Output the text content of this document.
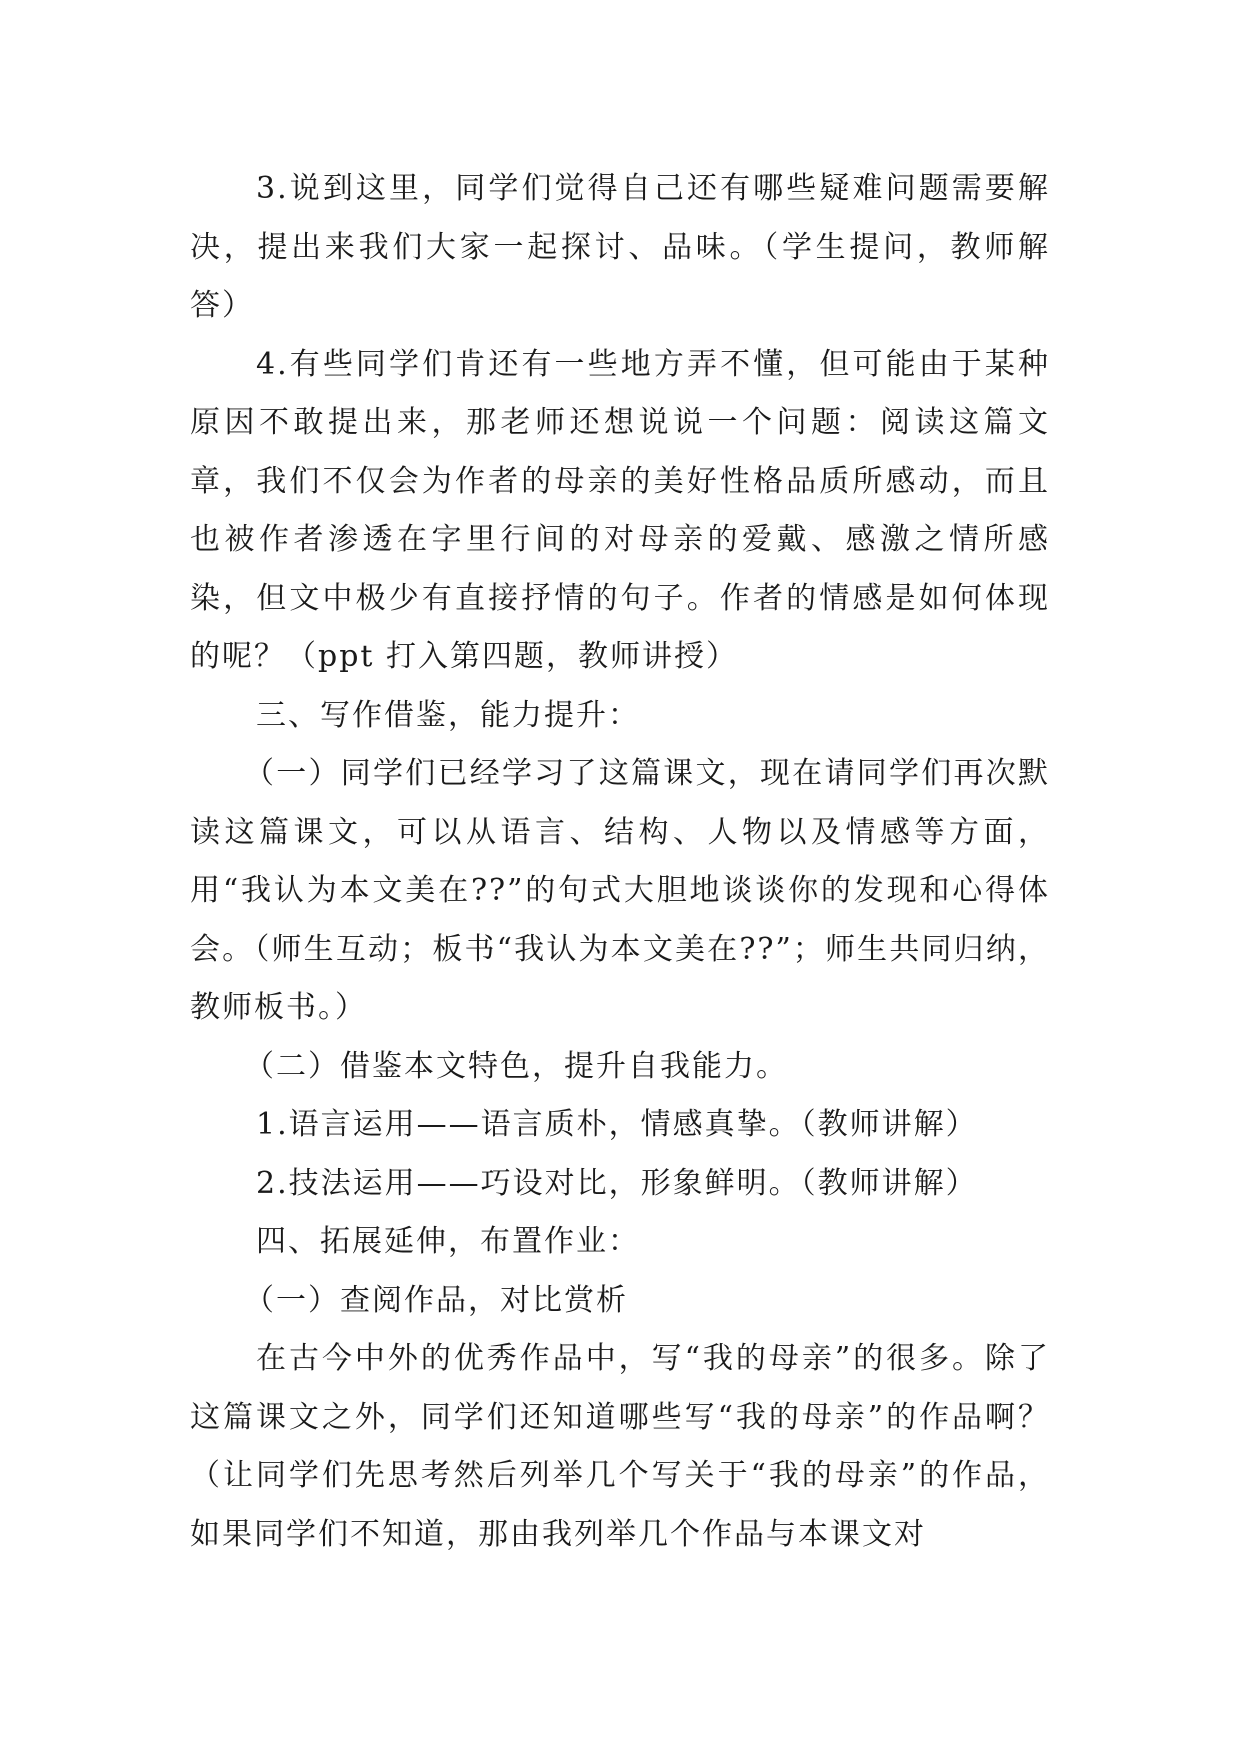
3.说到这里，同学们觉得自己还有哪些疑难问题需要解决，提出来我们大家一起探讨、品味。（学生提问，教师解答）

4.有些同学们肯还有一些地方弄不懂，但可能由于某种原因不敢提出来，那老师还想说说一个问题：阅读这篇文章，我们不仅会为作者的母亲的美好性格品质所感动，而且也被作者渗透在字里行间的对母亲的爱戴、感激之情所感染，但文中极少有直接抒情的句子。作者的情感是如何体现的呢？（ppt 打入第四题，教师讲授）

三、写作借鉴，能力提升：

（一）同学们已经学习了这篇课文，现在请同学们再次默读这篇课文，可以从语言、结构、人物以及情感等方面，用“我认为本文美在??”的句式大胆地谈谈你的发现和心得体会。（师生互动；板书“我认为本文美在??”；师生共同归纳，教师板书。）

（二）借鉴本文特色，提升自我能力。

1.语言运用——语言质朴，情感真挚。（教师讲解）

2.技法运用——巧设对比，形象鲜明。（教师讲解）

四、拓展延伸，布置作业：

（一）查阅作品，对比赏析

在古今中外的优秀作品中，写“我的母亲”的很多。除了这篇课文之外，同学们还知道哪些写“我的母亲”的作品啊？（让同学们先思考然后列举几个写关于“我的母亲”的作品，如果同学们不知道，那由我列举几个作品与本课文对
